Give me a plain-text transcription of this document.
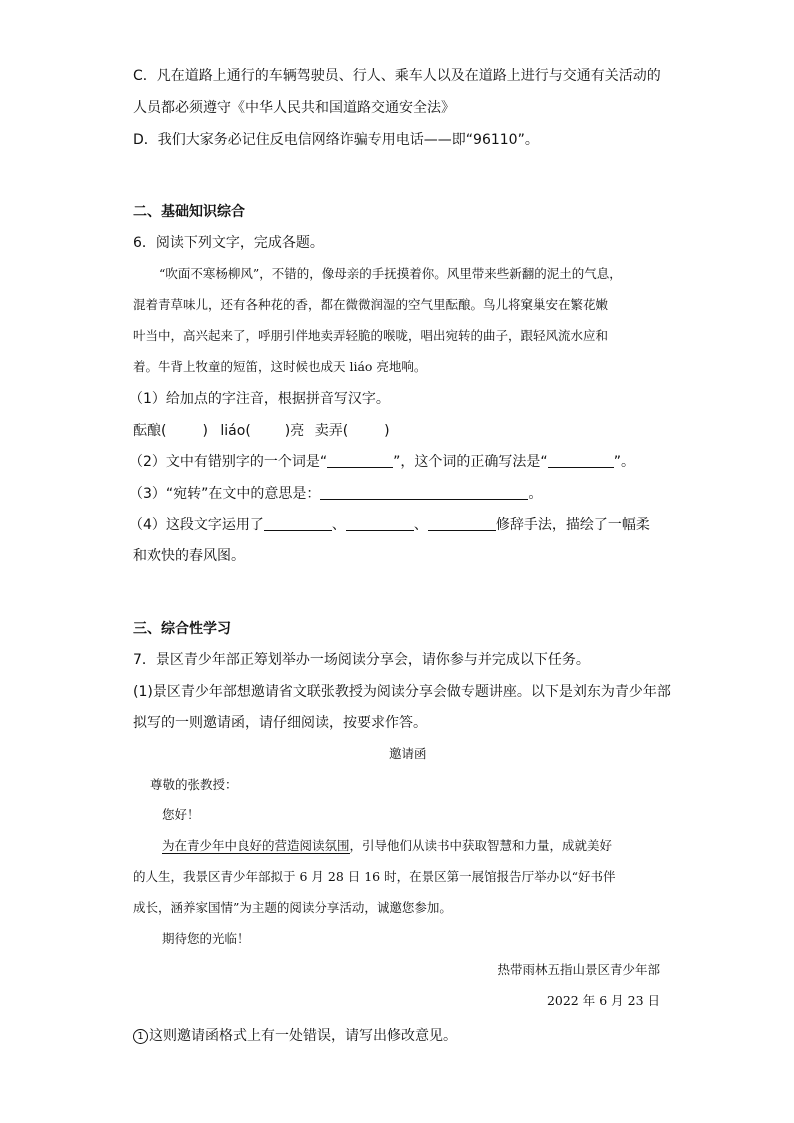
C．凡在道路上通行的车辆驾驶员、行人、乘车人以及在道路上进行与交通有关活动的
人员都必须遵守《中华人民共和国道路交通安全法》
D．我们大家务必记住反电信网络诈骗专用电话——即“96110”。
二、基础知识综合
6．阅读下列文字，完成各题。
“吹面不寒杨柳风”，不错的，像母亲的手抚摸着你。风里带来些新翻的泥土的气息，
混着青草味儿，还有各种花的香，都在微微润湿的空气里酝酿。鸟儿将窠巢安在繁花嫩
叶当中，高兴起来了，呼朋引伴地卖弄轻脆的喉咙，唱出宛转的曲子，跟轻风流水应和
着。牛背上牧童的短笛，这时候也成天 liáo 亮地响。
（1）给加点的字注音，根据拼音写汉字。
酝酿(	) liáo( )亮 卖弄(	)
（2）文中有错别字的一个词是“	”，这个词的正确写法是“	”。
（3）“宛转”在文中的意思是：	。
（4）这段文字运用了	、	、	修辞手法，描绘了一幅柔
和欢快的春风图。
三、综合性学习
7．景区青少年部正筹划举办一场阅读分享会，请你参与并完成以下任务。
(1)景区青少年部想邀请省文联张教授为阅读分享会做专题讲座。以下是刘东为青少年部
拟写的一则邀请函，请仔细阅读，按要求作答。
邀请函
尊敬的张教授：
您好！
为在青少年中良好的营造阅读氛围，引导他们从读书中获取智慧和力量，成就美好
的人生，我景区青少年部拟于 6 月 28 日 16 时，在景区第一展馆报告厅举办以“好书伴
成长，涵养家国情”为主题的阅读分享活动，诚邀您参加。
期待您的光临！
热带雨林五指山景区青少年部
2022 年 6 月 23 日
1 这则邀请函格式上有一处错误，请写出修改意见。
